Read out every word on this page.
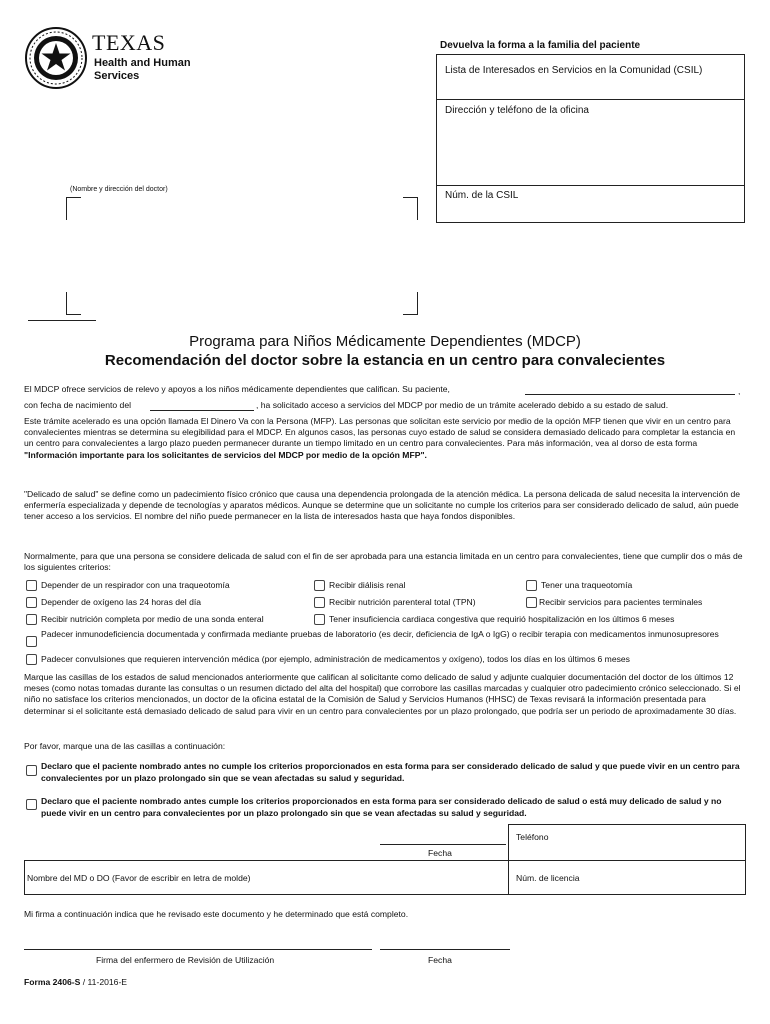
TEXAS
Health and Human
Services
Devuelva la forma a la familia del paciente
Lista de Interesados en Servicios en la Comunidad (CSIL)
Dirección y teléfono de la oficina
Núm. de la CSIL
(Nombre y dirección del doctor)
Programa para Niños Médicamente Dependientes (MDCP)
Recomendación del doctor sobre la estancia en un centro para convalecientes
El MDCP ofrece servicios de relevo y apoyos a los niños médicamente dependientes que califican. Su paciente,	,
con fecha de nacimiento del	, ha solicitado acceso a servicios del MDCP por medio de un trámite acelerado debido a su estado de salud.
Este trámite acelerado es una opción llamada El Dinero Va con la Persona (MFP). Las personas que solicitan este servicio por medio de la opción MFP tienen que vivir en un centro para convalecientes mientras se determina su elegibilidad para el MDCP. En algunos casos, las personas cuyo estado de salud se considera demasiado delicado para completar la estancia en un centro para convalecientes a largo plazo pueden permanecer durante un tiempo limitado en un centro para convalecientes. Para más información, vea al dorso de esta forma "Información importante para los solicitantes de servicios del MDCP por medio de la opción MFP".
"Delicado de salud" se define como un padecimiento físico crónico que causa una dependencia prolongada de la atención médica. La persona delicada de salud necesita la intervención de enfermería especializada y depende de tecnologías y aparatos médicos. Aunque se determine que un solicitante no cumple los criterios para ser considerado delicado de salud, aún puede tener acceso a los servicios. El nombre del niño puede permanecer en la lista de interesados hasta que haya fondos disponibles.
Normalmente, para que una persona se considere delicada de salud con el fin de ser aprobada para una estancia limitada en un centro para convalecientes, tiene que cumplir dos o más de los siguientes criterios:
Depender de un respirador con una traqueotomía	Recibir diálisis renal	Tener una traqueotomía
Depender de oxígeno las 24 horas del día	Recibir nutrición parenteral total (TPN)	Recibir servicios para pacientes terminales
Recibir nutrición completa por medio de una sonda enteral	Tener insuficiencia cardiaca congestiva que requirió hospitalización en los últimos 6 meses
Padecer inmunodeficiencia documentada y confirmada mediante pruebas de laboratorio (es decir, deficiencia de IgA o IgG) o recibir terapia con medicamentos inmunosupresores
Padecer convulsiones que requieren intervención médica (por ejemplo, administración de medicamentos y oxígeno), todos los días en los últimos 6 meses
Marque las casillas de los estados de salud mencionados anteriormente que califican al solicitante como delicado de salud y adjunte cualquier documentación del doctor de los últimos 12 meses (como notas tomadas durante las consultas o un resumen dictado del alta del hospital) que corrobore las casillas marcadas y cualquier otro padecimiento crónico seleccionado. Si el niño no satisface los criterios mencionados, un doctor de la oficina estatal de la Comisión de Salud y Servicios Humanos (HHSC) de Texas revisará la información presentada para determinar si el solicitante está demasiado delicado de salud para vivir en un centro para convalecientes por un plazo prolongado, que podría ser un periodo de aproximadamente 30 días.
Por favor, marque una de las casillas a continuación:
Declaro que el paciente nombrado antes no cumple los criterios proporcionados en esta forma para ser considerado delicado de salud y que puede vivir en un centro para convalecientes por un plazo prolongado sin que se vean afectadas su salud y seguridad.
Declaro que el paciente nombrado antes cumple los criterios proporcionados en esta forma para ser considerado delicado de salud o está muy delicado de salud y no puede vivir en un centro para convalecientes por un plazo prolongado sin que se vean afectadas su salud y seguridad.
Teléfono
Fecha
Nombre del MD o DO (Favor de escribir en letra de molde)	Núm. de licencia
Mi firma a continuación indica que he revisado este documento y he determinado que está completo.
Firma del enfermero de Revisión de Utilización	Fecha
Forma 2406-S / 11-2016-E
